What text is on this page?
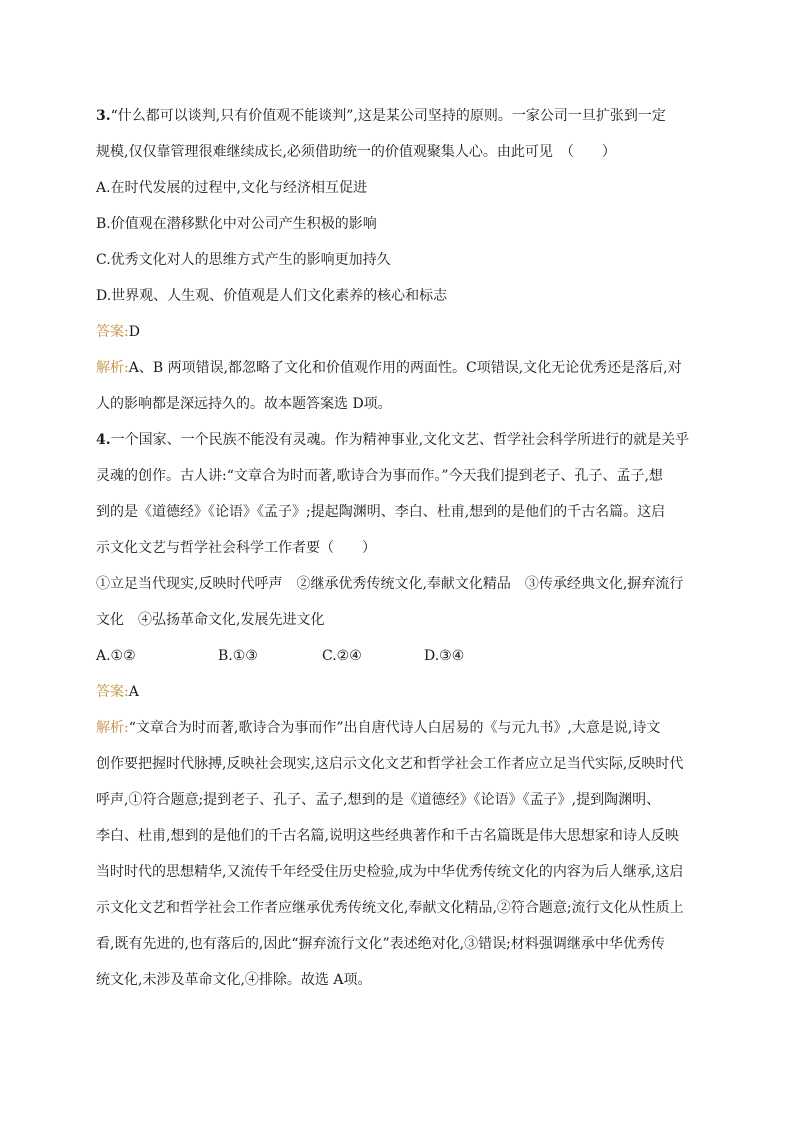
3.“什么都可以谈判,只有价值观不能谈判”,这是某公司坚持的原则。一家公司一旦扩张到一定
规模,仅仅靠管理很难继续成长,必须借助统一的价值观聚集人心。由此可见　（　　）
A.在时代发展的过程中,文化与经济相互促进
B.价值观在潜移默化中对公司产生积极的影响
C.优秀文化对人的思维方式产生的影响更加持久
D.世界观、人生观、价值观是人们文化素养的核心和标志
答案:D
解析:A、B 两项错误,都忽略了文化和价值观作用的两面性。C项错误,文化无论优秀还是落后,对
人的影响都是深远持久的。故本题答案选 D项。
4.一个国家、一个民族不能没有灵魂。作为精神事业,文化文艺、哲学社会科学所进行的就是关乎
灵魂的创作。古人讲:“文章合为时而著,歌诗合为事而作。”今天我们提到老子、孔子、孟子,想
到的是《道德经》《论语》《孟子》;提起陶渊明、李白、杜甫,想到的是他们的千古名篇。这启
示文化文艺与哲学社会科学工作者要（　　）
①立足当代现实,反映时代呼声　②继承优秀传统文化,奉献文化精品　③传承经典文化,摒弃流行
文化　④弘扬革命文化,发展先进文化
A.①②	B.①③	C.②④	D.③④
答案:A
解析:“文章合为时而著,歌诗合为事而作”出自唐代诗人白居易的《与元九书》,大意是说,诗文
创作要把握时代脉搏,反映社会现实,这启示文化文艺和哲学社会工作者应立足当代实际,反映时代
呼声,①符合题意;提到老子、孔子、孟子,想到的是《道德经》《论语》《孟子》,提到陶渊明、
李白、杜甫,想到的是他们的千古名篇,说明这些经典著作和千古名篇既是伟大思想家和诗人反映
当时时代的思想精华,又流传千年经受住历史检验,成为中华优秀传统文化的内容为后人继承,这启
示文化文艺和哲学社会工作者应继承优秀传统文化,奉献文化精品,②符合题意;流行文化从性质上
看,既有先进的,也有落后的,因此“摒弃流行文化”表述绝对化,③错误;材料强调继承中华优秀传
统文化,未涉及革命文化,④排除。故选 A项。
